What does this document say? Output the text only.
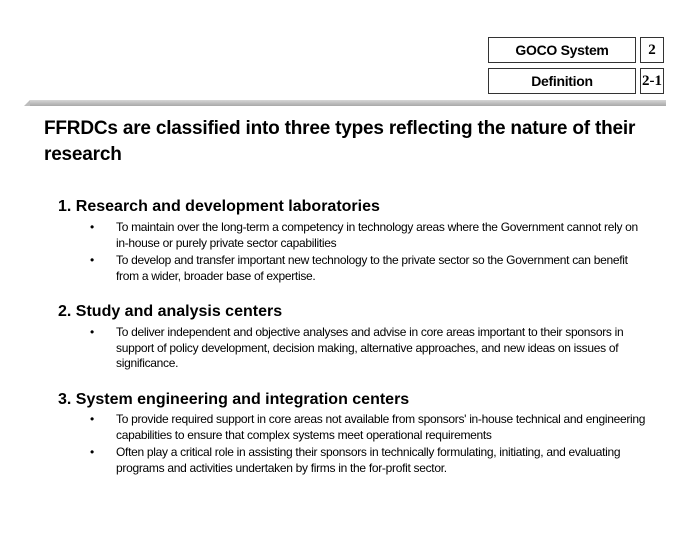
GOCO System	2
Definition	2-1
FFRDCs are classified into three types reflecting the nature of their research
1. Research and development laboratories
• To maintain over the long-term a competency in technology areas where the Government cannot rely on in-house or purely private sector capabilities
• To develop and transfer important new technology to the private sector so the Government can benefit from a wider, broader base of expertise.
2. Study and analysis centers
• To deliver independent and objective analyses and advise in core areas important to their sponsors in support of policy development, decision making, alternative approaches, and new ideas on issues of significance.
3. System engineering and integration centers
• To provide required support in core areas not available from sponsors' in-house technical and engineering capabilities to ensure that complex systems meet operational requirements
• Often play a critical role in assisting their sponsors in technically formulating, initiating, and evaluating programs and activities undertaken by firms in the for-profit sector.
